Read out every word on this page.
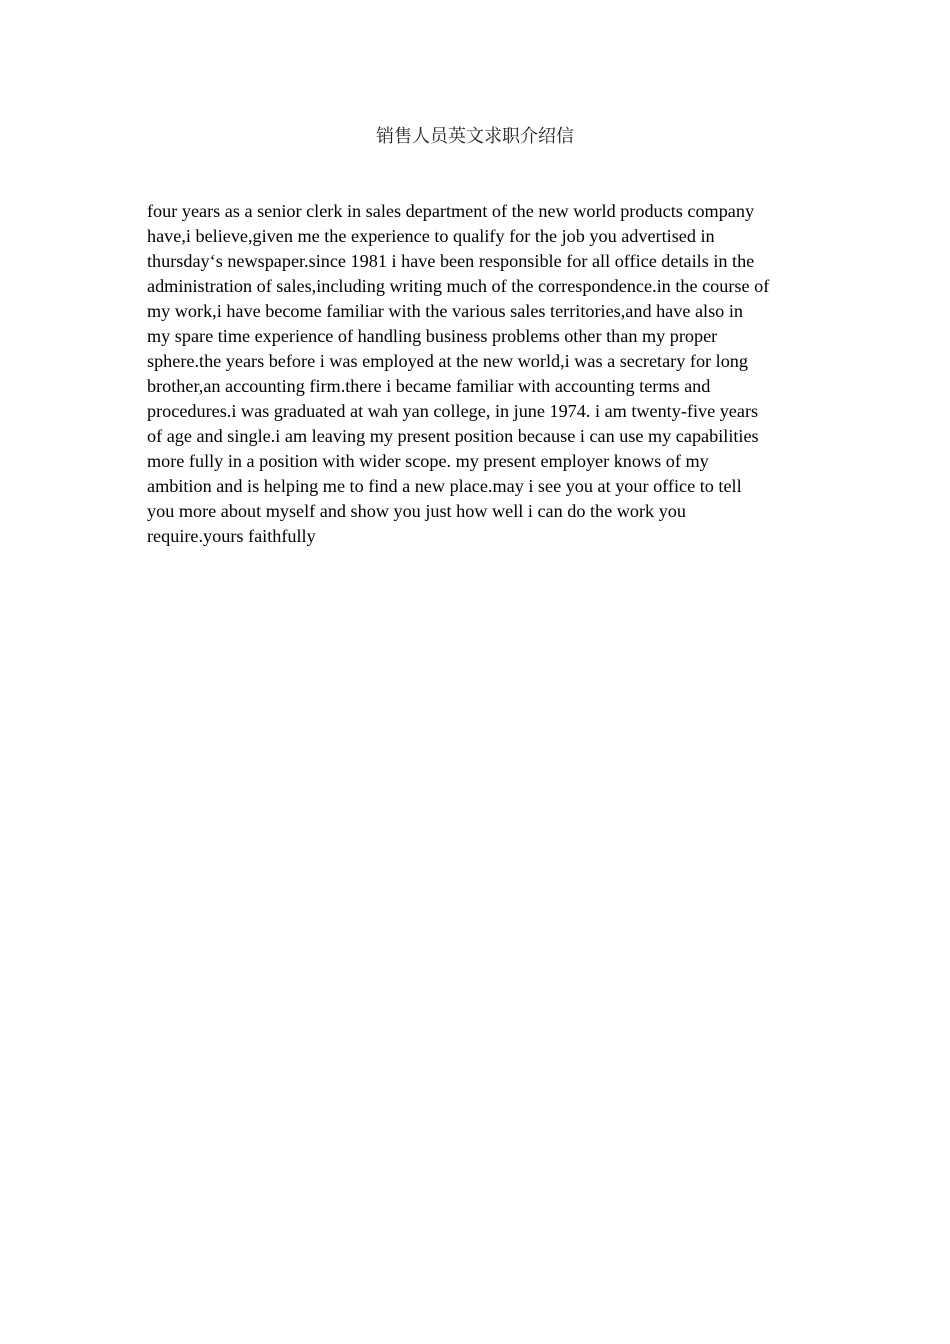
销售人员英文求职介绍信
four years as a senior clerk in sales department of the new world products company
have,i believe,given me the experience to qualify for the job you advertised in
thursday‘s newspaper.since 1981 i have been responsible for all office details in the
administration of sales,including writing much of the correspondence.in the course of
my work,i have become familiar with the various sales territories,and have also in
my spare time experience of handling business problems other than my proper
sphere.the years before i was employed at the new world,i was a secretary for long
brother,an accounting firm.there i became familiar with accounting terms and
procedures.i was graduated at wah yan college, in june 1974. i am twenty-five years
of age and single.i am leaving my present position because i can use my capabilities
more fully in a position with wider scope. my present employer knows of my
ambition and is helping me to find a new place.may i see you at your office to tell
you more about myself and show you just how well i can do the work you
require.yours faithfully
